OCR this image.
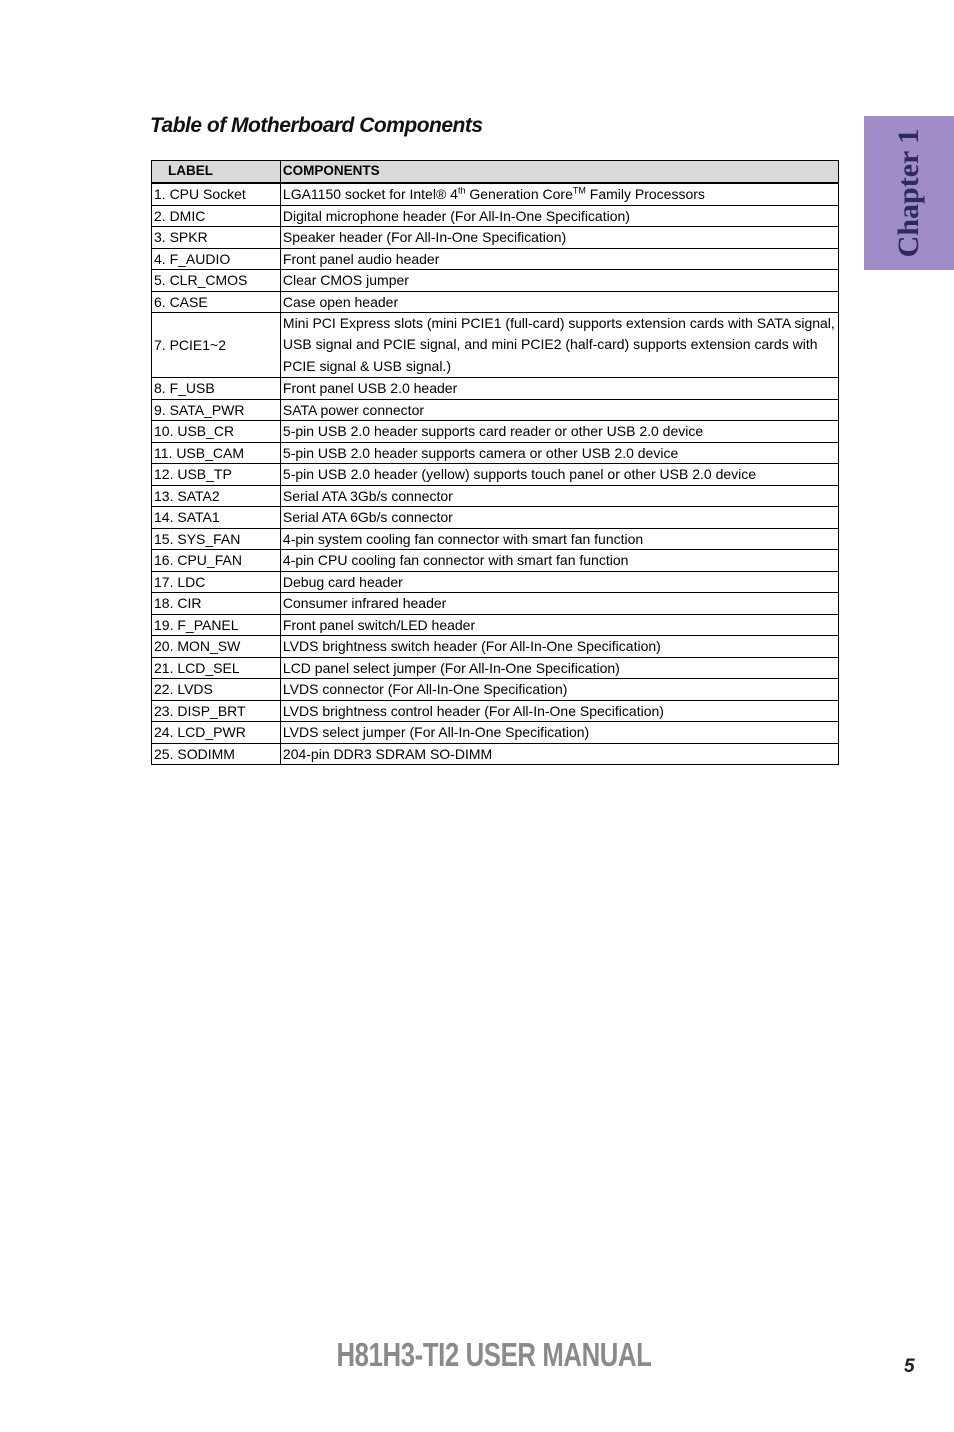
Chapter 1
Table of Motherboard Components
LABEL	COMPONENTS
1. CPU Socket	LGA1150 socket for Intel® 4th Generation Core™ Family Processors
2. DMIC	Digital microphone header (For All-In-One Specification)
3. SPKR	Speaker header (For All-In-One Specification)
4. F_AUDIO	Front panel audio header
5. CLR_CMOS	Clear CMOS jumper
6. CASE	Case open header
7. PCIE1~2	Mini PCI Express slots (mini PCIE1 (full-card) supports extension cards with SATA signal, USB signal and PCIE signal, and mini PCIE2 (half-card) supports extension cards with PCIE signal & USB signal.)
8. F_USB	Front panel USB 2.0 header
9. SATA_PWR	SATA power connector
10. USB_CR	5-pin USB 2.0 header supports card reader or other USB 2.0 device
11. USB_CAM	5-pin USB 2.0 header supports camera or other USB 2.0 device
12. USB_TP	5-pin USB 2.0 header (yellow) supports touch panel or other USB 2.0 device
13. SATA2	Serial ATA 3Gb/s connector
14. SATA1	Serial ATA 6Gb/s connector
15. SYS_FAN	4-pin system cooling fan connector with smart fan function
16. CPU_FAN	4-pin CPU cooling fan connector with smart fan function
17. LDC	Debug card header
18. CIR	Consumer infrared header
19. F_PANEL	Front panel switch/LED header
20. MON_SW	LVDS brightness switch header (For All-In-One Specification)
21. LCD_SEL	LCD panel select jumper (For All-In-One Specification)
22. LVDS	LVDS connector (For All-In-One Specification)
23. DISP_BRT	LVDS brightness control header (For All-In-One Specification)
24. LCD_PWR	LVDS select jumper (For All-In-One Specification)
25. SODIMM	204-pin DDR3 SDRAM SO-DIMM
H81H3-TI2 USER MANUAL	5
